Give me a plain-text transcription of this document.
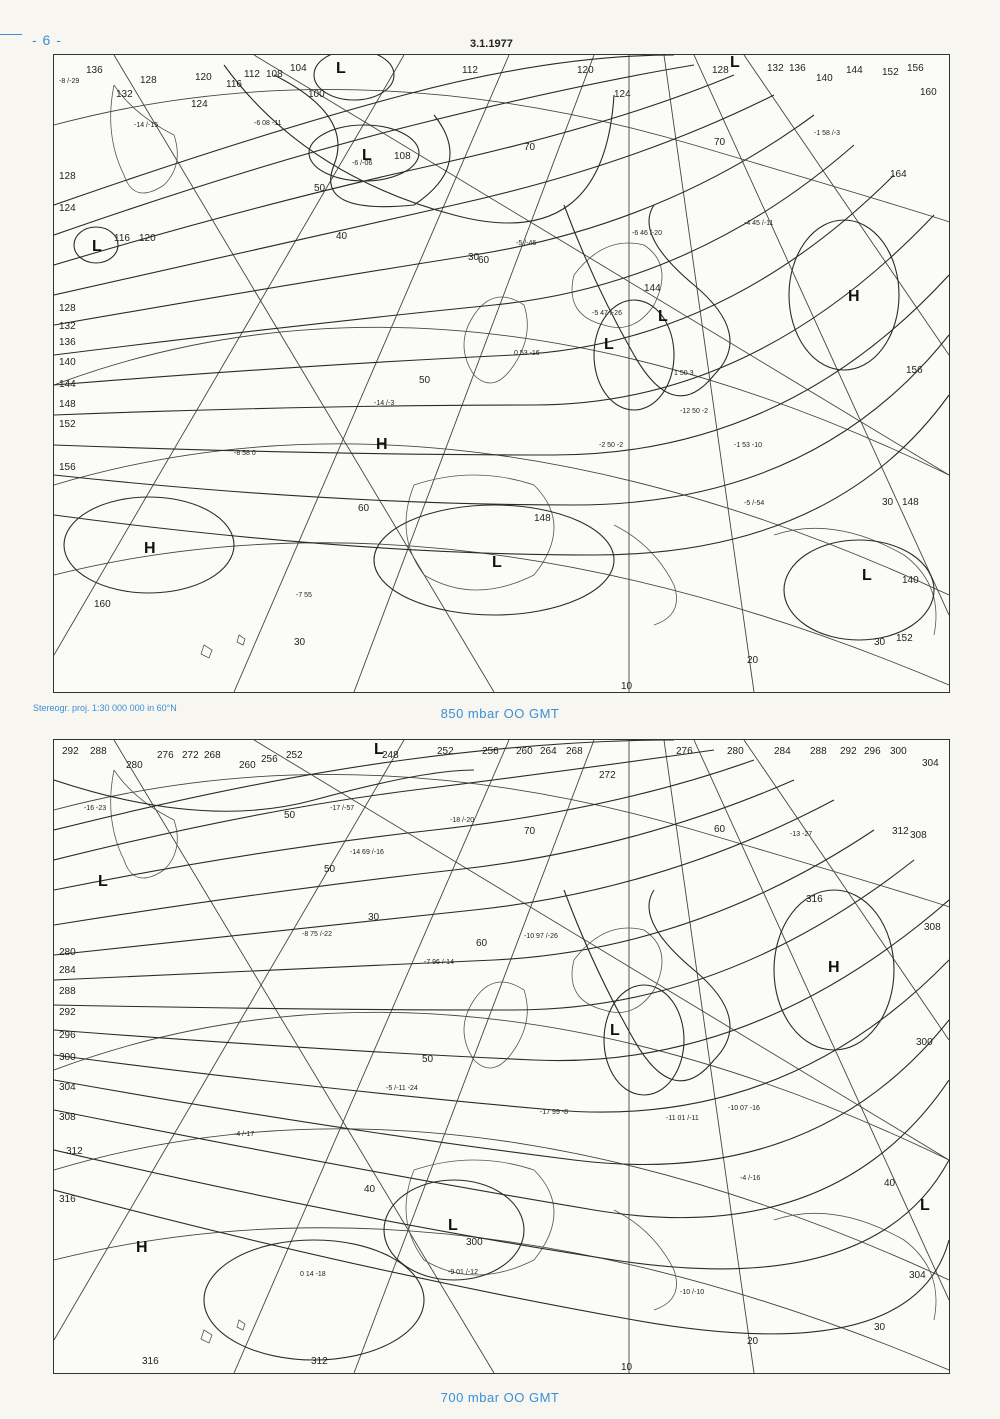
- 6 -	3.1.1977
L
L
L
L
L
L
L
L
H
H
H
136
132
128
124
120
116
112 108
104
100
112	120
124
128	132 136
140
144 152 156
160
164
120
116
128
124
128
132
136
140
144
148
152
156
160
148
148
140
152
156
144
108
30
30
70
50
40
30
60
70
50
60
20
10
30
-8 /-29
-14 /-15	-6 08 -11
-6 /-06
-5 /-46
-6 46 /-20
-4 45 /-11
-1 58 /-3
-5 47 /-26
-8 58 0
-7 55
1 50 3
0 53 -16
-12 50 -2
-2 50 -2	-1 53 -10
-14 /-3
-5 /-54
Stereogr. proj. 1:30 000 000 in 60°N	850 mbar OO GMT
L
L
L
L
L
H
H
292 288
280
276 272 268
260
256 252	248	252	256 260 264 268
272
276	280	284 288 292 296 300
304
308
312
316
280
284
288
292
296
300
304
308
312
316
312
316
300
304
308
300
70
50
50
40
60
50
40
30
30
20
10
60
-16 -23	-17 /-57
-14 69 /-16
-18 /-20
-8 75 /-22
-7 96 /-14
-5 /-11 -24
-4 /-17
-10 97 /-26
-17 99 -8
-9 01 /-12
0 14 -18
-10 07 -16
-11 01 /-11
-13 -27
-4 /-16
-10 /-10
700 mbar OO GMT
